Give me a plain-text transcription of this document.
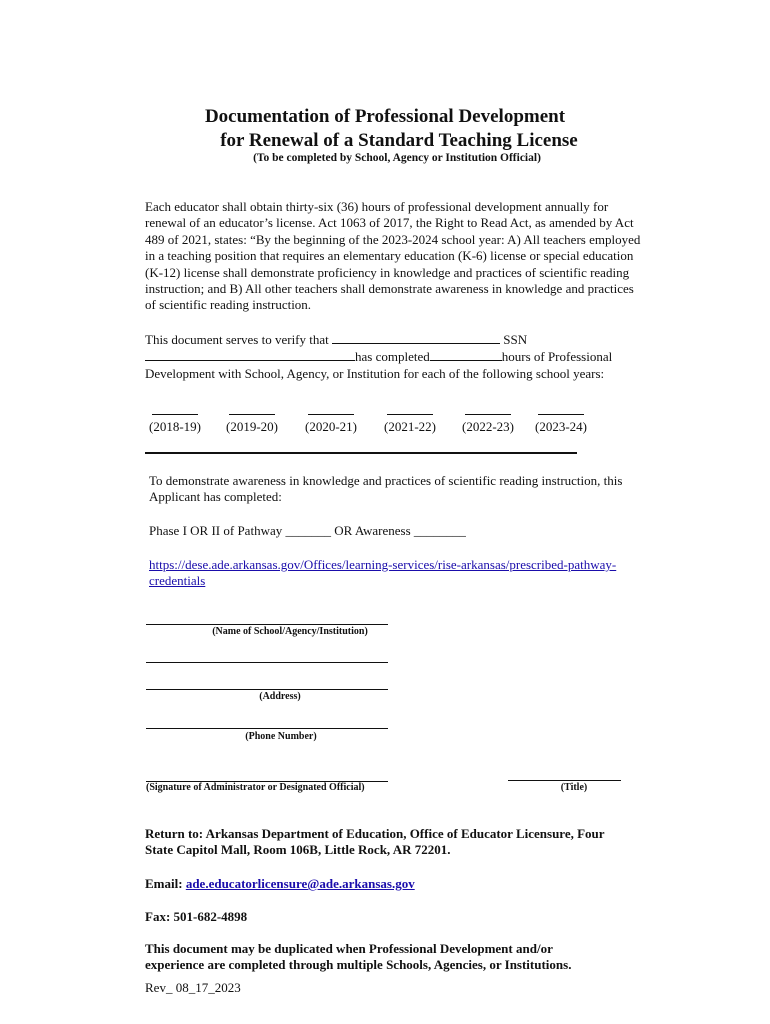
Documentation of Professional Development
for Renewal of a Standard Teaching License
(To be completed by School, Agency or Institution Official)
Each educator shall obtain thirty-six (36) hours of professional development annually for renewal of an educator’s license. Act 1063 of 2017, the Right to Read Act, as amended by Act 489 of 2021, states: “By the beginning of the 2023-2024 school year: A) All teachers employed in a teaching position that requires an elementary education (K-6) license or special education (K-12) license shall demonstrate proficiency in knowledge and practices of scientific reading instruction; and B) All other teachers shall demonstrate awareness in knowledge and practices of scientific reading instruction.
This document serves to verify that	SSN
has completed	hours of Professional
Development with School, Agency, or Institution for each of the following school years:
(2018-19)	(2019-20)	(2020-21)	(2021-22)	(2022-23)	(2023-24)
To demonstrate awareness in knowledge and practices of scientific reading instruction, this Applicant has completed:
Phase I OR II of Pathway _______ OR Awareness ________
https://dese.ade.arkansas.gov/Offices/learning-services/rise-arkansas/prescribed-pathway-
credentials
(Name of School/Agency/Institution)
(Address)
(Phone Number)
(Signature of Administrator or Designated Official)	(Title)
Return to: Arkansas Department of Education, Office of Educator Licensure, Four
State Capitol Mall, Room 106B, Little Rock, AR 72201.
Email: ade.educatorlicensure@ade.arkansas.gov
Fax: 501-682-4898
This document may be duplicated when Professional Development and/or
experience are completed through multiple Schools, Agencies, or Institutions.
Rev_ 08_17_2023
